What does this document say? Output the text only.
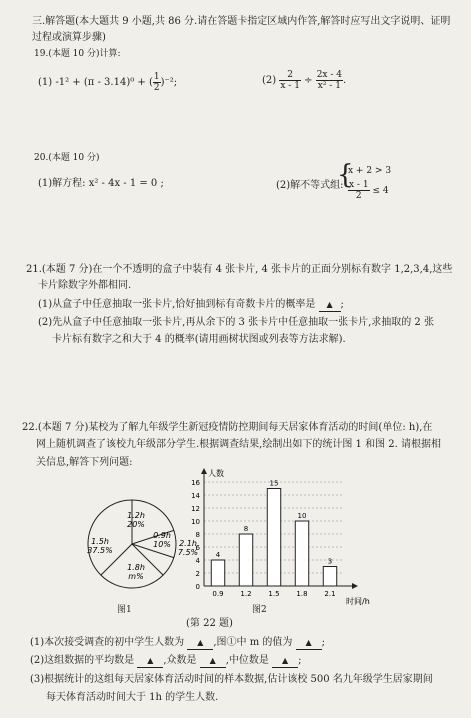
三.解答题(本大题共 9 小题,共 86 分.请在答题卡指定区域内作答,解答时应写出文字说明、证明
过程或演算步骤)
19.(本题 10 分)计算:
(1) -1² + (π - 3.14)⁰ + ( $\frac{1}{2} )^{-2}$;	$(2) \frac{2}{x - 1} \div \frac{2x - 4}{\text{x² - 1}}$ .
20.(本题 10 分)
(1)解方程: x² - 4x - 1 = 0 ;	(2)解不等式组:
{
x + 2 > 3
$\frac{x - 1}{2} \le 4$
21.(本题 7 分)在一个不透明的盒子中装有 4 张卡片, 4 张卡片的正面分别标有数字 1,2,3,4,这些
卡片除数字外都相同.
(1)从盒子中任意抽取一张卡片,恰好抽到标有奇数卡片的概率是 ▲ ;
(2)先从盒子中任意抽取一张卡片,再从余下的 3 张卡片中任意抽取一张卡片,求抽取的 2 张
卡片标有数字之和大于 4 的概率(请用画树状图或列表等方法求解).
22.(本题 7 分)某校为了解九年级学生新冠疫情防控期间每天居家体育活动的时间(单位: h),在
网上随机调查了该校九年级部分学生.根据调查结果,绘制出如下的统计图 1 和图 2. 请根据相
关信息,解答下列问题:
1.5h
37.5%
1.2h
20%
0.9h
10% 2.1h
7.5%
1.8h
m%
0
2
4
6
8
10
12
14
16
人数
时间/h
4
0.9
8
1.2
15
1.5
10
1.8
3
2.1
图1	图2
(第 22 题)
(1)本次接受调查的初中学生人数为 ▲ ,图①中 m 的值为 ▲ ;
(2)这组数据的平均数是 ▲ ,众数是 ▲ ,中位数是 ▲ ;
(3)根据统计的这组每天居家体育活动时间的样本数据,估计该校 500 名九年级学生居家期间
每天体育活动时间大于 1h 的学生人数.
